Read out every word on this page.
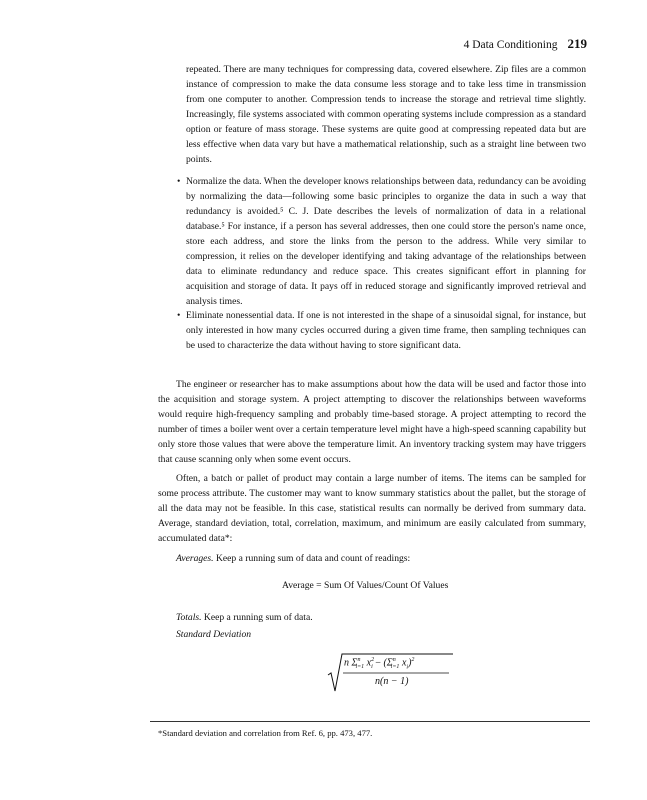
4 Data Conditioning 219
repeated. There are many techniques for compressing data, covered elsewhere. Zip files are a common instance of compression to make the data consume less storage and to take less time in transmission from one computer to another. Compression tends to increase the storage and retrieval time slightly. Increasingly, file systems associated with common operating systems include compression as a standard option or feature of mass storage. These systems are quite good at compressing repeated data but are less effective when data vary but have a mathematical relationship, such as a straight line between two points.
• Normalize the data. When the developer knows relationships between data, redundancy can be avoiding by normalizing the data—following some basic principles to organize the data in such a way that redundancy is avoided.⁵ C. J. Date describes the levels of normalization of data in a relational database.⁵ For instance, if a person has several addresses, then one could store the person's name once, store each address, and store the links from the person to the address. While very similar to compression, it relies on the developer identifying and taking advantage of the relationships between data to eliminate redundancy and reduce space. This creates significant effort in planning for acquisition and storage of data. It pays off in reduced storage and significantly improved retrieval and analysis times.
• Eliminate nonessential data. If one is not interested in the shape of a sinusoidal signal, for instance, but only interested in how many cycles occurred during a given time frame, then sampling techniques can be used to characterize the data without having to store significant data.
The engineer or researcher has to make assumptions about how the data will be used and factor those into the acquisition and storage system. A project attempting to discover the relationships between waveforms would require high-frequency sampling and probably time-based storage. A project attempting to record the number of times a boiler went over a certain temperature level might have a high-speed scanning capability but only store those values that were above the temperature limit. An inventory tracking system may have triggers that cause scanning only when some event occurs.
Often, a batch or pallet of product may contain a large number of items. The items can be sampled for some process attribute. The customer may want to know summary statistics about the pallet, but the storage of all the data may not be feasible. In this case, statistical results can normally be derived from summary data. Average, standard deviation, total, correlation, maximum, and minimum are easily calculated from summary, accumulated data*:
Averages. Keep a running sum of data and count of readings:
Average = Sum Of Values/Count Of Values
Totals. Keep a running sum of data.
Standard Deviation
n $\Sigma^n_{i=1}$ $x^2_i - (\Sigma^n_{i=1}$ $x_i)^2$
n(n − 1)
*Standard deviation and correlation from Ref. 6, pp. 473, 477.
